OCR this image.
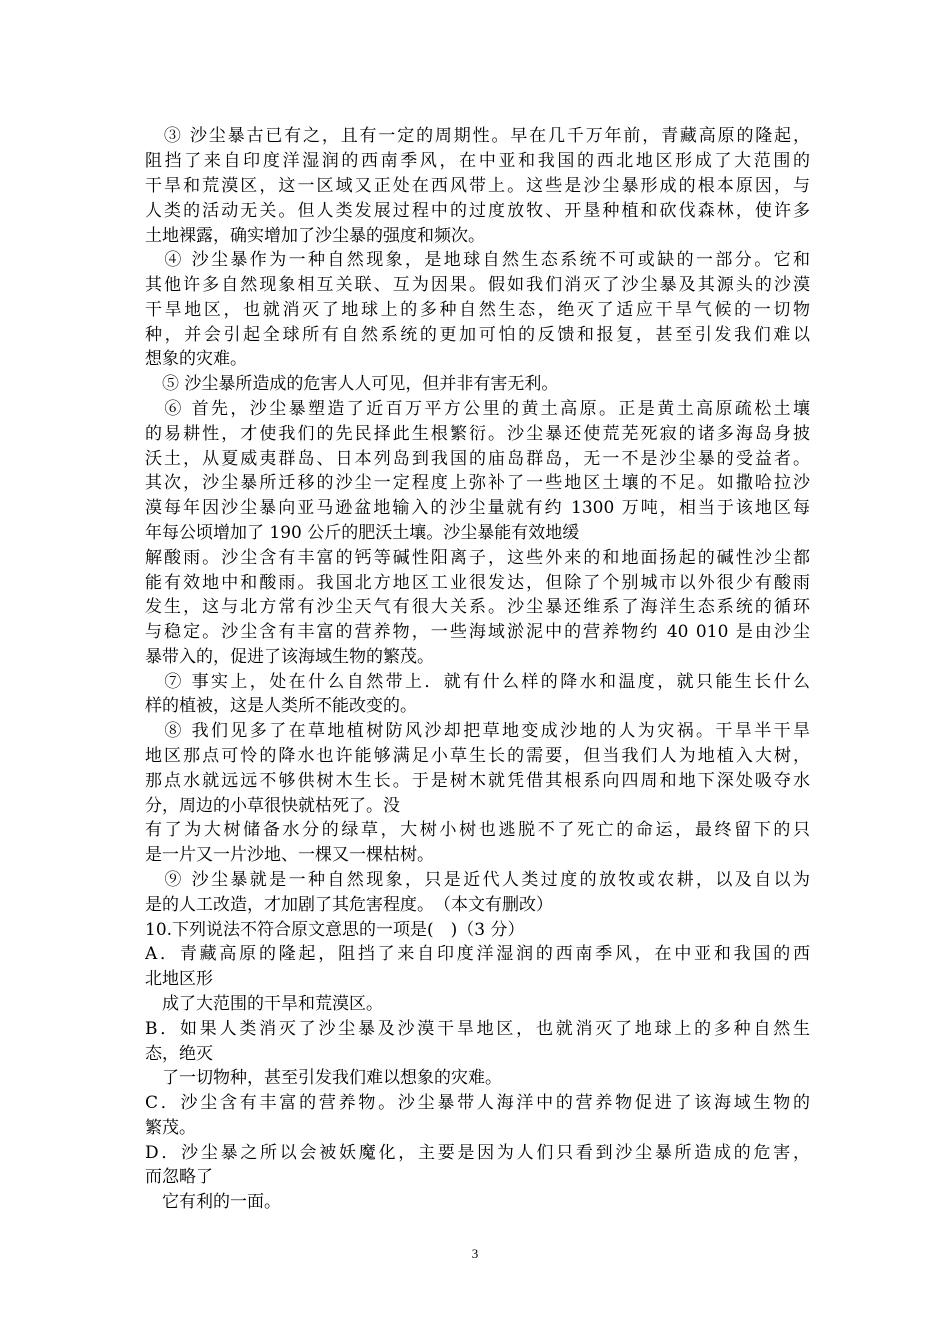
　③ 沙尘暴古已有之，且有一定的周期性。早在几千万年前，青藏高原的隆起，
阻挡了来自印度洋湿润的西南季风，在中亚和我国的西北地区形成了大范围的
干旱和荒漠区，这一区域又正处在西风带上。这些是沙尘暴形成的根本原因，与
人类的活动无关。但人类发展过程中的过度放牧、开垦种植和砍伐森林，使许多
土地裸露，确实增加了沙尘暴的强度和频次。
　④ 沙尘暴作为一种自然现象，是地球自然生态系统不可或缺的一部分。它和
其他许多自然现象相互关联、互为因果。假如我们消灭了沙尘暴及其源头的沙漠
干旱地区，也就消灭了地球上的多种自然生态，绝灭了适应干旱气候的一切物
种，并会引起全球所有自然系统的更加可怕的反馈和报复，甚至引发我们难以
想象的灾难。
　⑤ 沙尘暴所造成的危害人人可见，但并非有害无利。
　⑥ 首先，沙尘暴塑造了近百万平方公里的黄土高原。正是黄土高原疏松土壤
的易耕性，才使我们的先民择此生根繁衍。沙尘暴还使荒芜死寂的诸多海岛身披
沃土，从夏威夷群岛、日本列岛到我国的庙岛群岛，无一不是沙尘暴的受益者。
其次，沙尘暴所迁移的沙尘一定程度上弥补了一些地区土壤的不足。如撒哈拉沙
漠每年因沙尘暴向亚马逊盆地输入的沙尘量就有约 1300 万吨，相当于该地区每
年每公顷增加了 190 公斤的肥沃土壤。沙尘暴能有效地缓
解酸雨。沙尘含有丰富的钙等碱性阳离子，这些外来的和地面扬起的碱性沙尘都
能有效地中和酸雨。我国北方地区工业很发达，但除了个别城市以外很少有酸雨
发生，这与北方常有沙尘天气有很大关系。沙尘暴还维系了海洋生态系统的循环
与稳定。沙尘含有丰富的营养物，一些海域淤泥中的营养物约 40 010 是由沙尘
暴带入的，促进了该海域生物的繁茂。
　⑦ 事实上，处在什么自然带上．就有什么样的降水和温度，就只能生长什么
样的植被，这是人类所不能改变的。
　⑧ 我们见多了在草地植树防风沙却把草地变成沙地的人为灾祸。干旱半干旱
地区那点可怜的降水也许能够满足小草生长的需要，但当我们人为地植入大树，
那点水就远远不够供树木生长。于是树木就凭借其根系向四周和地下深处吸夺水
分，周边的小草很快就枯死了。没
有了为大树储备水分的绿草，大树小树也逃脱不了死亡的命运，最终留下的只
是一片又一片沙地、一棵又一棵枯树。
　⑨ 沙尘暴就是一种自然现象，只是近代人类过度的放牧或农耕，以及自以为
是的人工改造，才加剧了其危害程度。　（本文有删改）
10.下列说法不符合原文意思的一项是(　)（3 分）
A．青藏高原的隆起，阻挡了来自印度洋湿润的西南季风，在中亚和我国的西
北地区形
　成了大范围的干旱和荒漠区。
B．如果人类消灭了沙尘暴及沙漠干旱地区，也就消灭了地球上的多种自然生
态，绝灭
　了一切物种，甚至引发我们难以想象的灾难。
C．沙尘含有丰富的营养物。沙尘暴带人海洋中的营养物促进了该海域生物的
繁茂。
D．沙尘暴之所以会被妖魔化，主要是因为人们只看到沙尘暴所造成的危害，
而忽略了
　它有利的一面。
3
